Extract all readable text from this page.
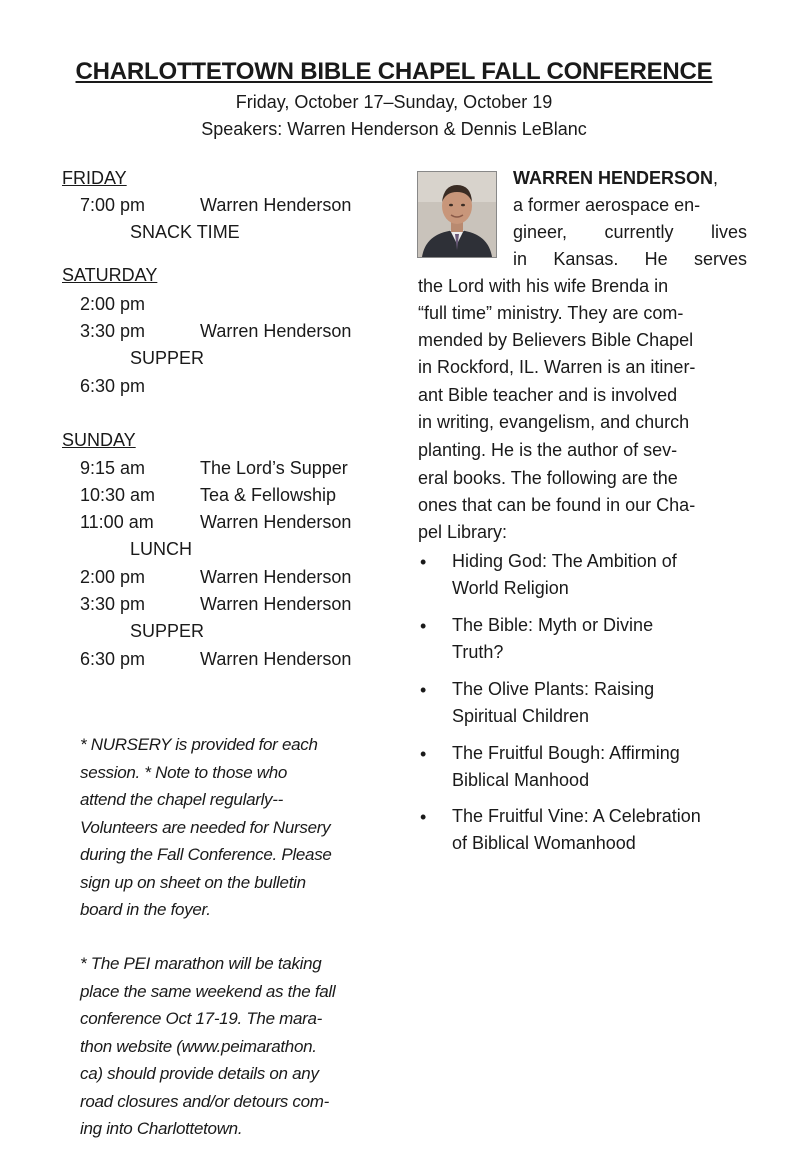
CHARLOTTETOWN BIBLE CHAPEL FALL CONFERENCE
Friday, October 17–Sunday, October 19
Speakers: Warren Henderson & Dennis LeBlanc
FRIDAY
7:00 pm	Warren Henderson
SNACK TIME
SATURDAY
2:00 pm
3:30 pm	Warren Henderson
SUPPER
6:30 pm
SUNDAY
9:15 am	The Lord’s Supper
10:30 am Tea & Fellowship
11:00 am	Warren Henderson
LUNCH
2:00 pm	Warren Henderson
3:30 pm	Warren Henderson
SUPPER
6:30 pm	Warren Henderson
* NURSERY is provided for each
session. * Note to those who
attend the chapel regularly--
Volunteers are needed for Nursery
during the Fall Conference. Please
sign up on sheet on the bulletin
board in the foyer.
* The PEI marathon will be taking
place the same weekend as the fall
conference Oct 17-19. The mara-
thon website (www.peimarathon.
ca) should provide details on any
road closures and/or detours com-
ing into Charlottetown.
WARREN HENDERSON,
a former aerospace en-
gineer, currently lives
in Kansas. He serves
the Lord with his wife Brenda in
“full time” ministry. They are com-
mended by Believers Bible Chapel
in Rockford, IL. Warren is an itiner-
ant Bible teacher and is involved
in writing, evangelism, and church
planting. He is the author of sev-
eral books. The following are the
ones that can be found in our Cha-
pel Library:
• Hiding God: The Ambition of
World Religion
• The Bible: Myth or Divine
Truth?
• The Olive Plants: Raising
Spiritual Children
• The Fruitful Bough: Affirming
Biblical Manhood
• The Fruitful Vine: A Celebration
of Biblical Womanhood
